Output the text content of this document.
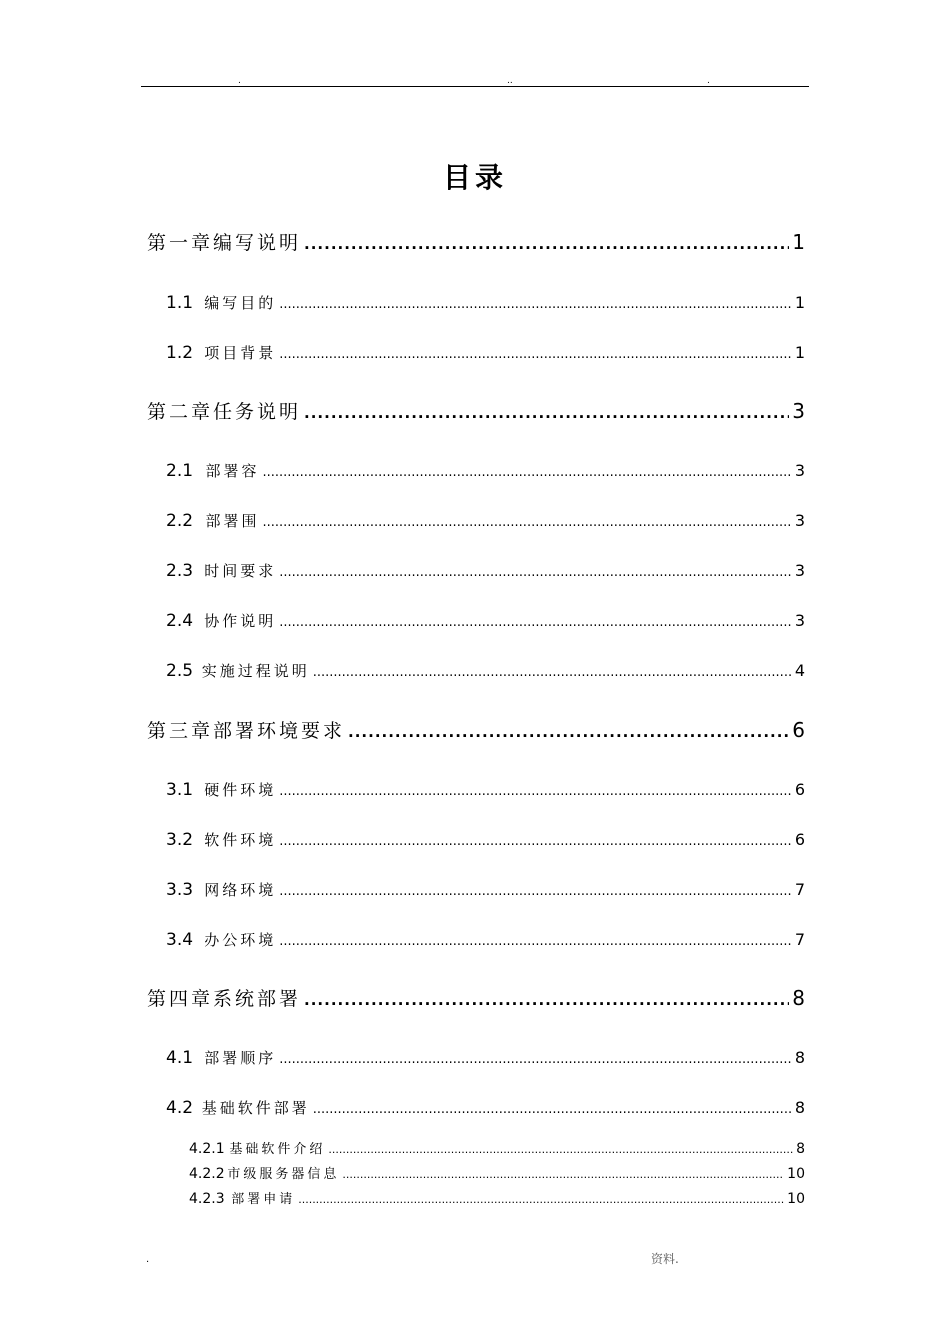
.	..	.
目录
第一章 编写说明 .....	1
1.1 编写目的 .....	1
1.2 项目背景 .....	1
第二章 任务说明 .....	3
2.1 部署容 .....	3
2.2 部署围 .....	3
2.3 时间要求 .....	3
2.4 协作说明 .....	3
2.5 实施过程说明 .....	4
第三章 部署环境要求 .....	6
3.1 硬件环境 .....	6
3.2 软件环境 .....	6
3.3 网络环境 .....	7
3.4 办公环境 .....	7
第四章 系统部署 .....	8
4.1 部署顺序 .....	8
4.2 基础软件部署 .....	8
4.2.1 基础软件介绍 .....	8
4.2.2 市级服务器信息 .....	10
4.2.3 部署申请 .....	10
.	资料.
